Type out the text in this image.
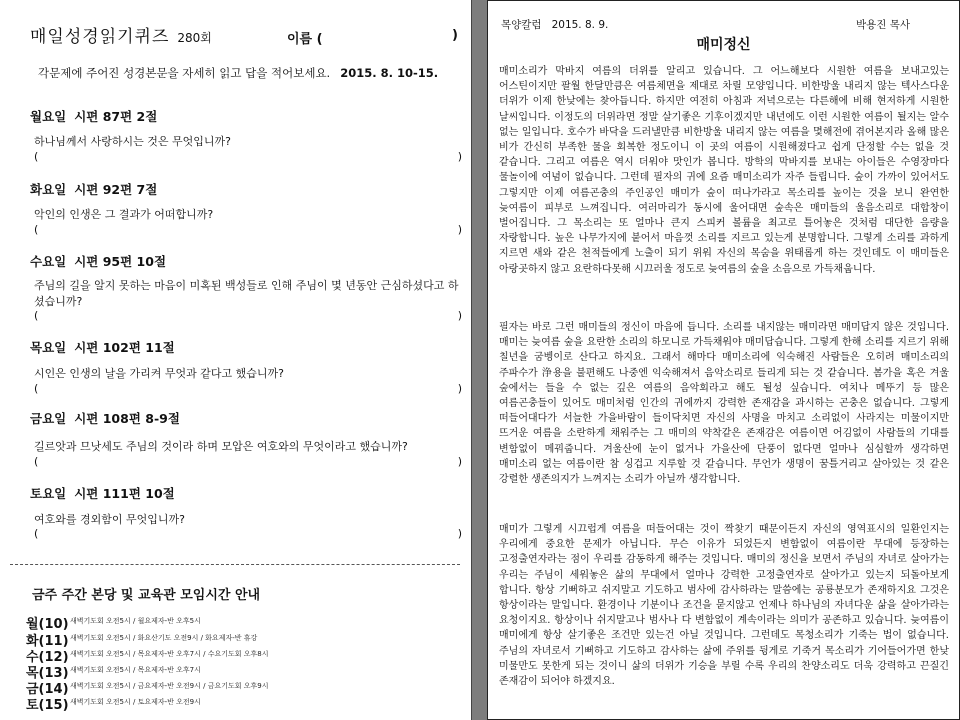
매일성경읽기퀴즈 280회	이름 (	)
각문제에 주어진 성경본문을 자세히 읽고 답을 적어보세요. 2015. 8. 10-15.
월요일 시편 87편 2절
하나님께서 사랑하시는 것은 무엇입니까?
(	)
화요일 시편 92편 7절
악인의 인생은 그 결과가 어떠합니까?
(	)
수요일 시편 95편 10절
주님의 길을 알지 못하는 마음이 미혹된 백성들로 인해 주님이 몇 년동안 근심하셨다고 하셨습니까?
(	)
목요일 시편 102편 11절
시인은 인생의 날을 가리켜 무엇과 같다고 했습니까?
(	)
금요일 시편 108편 8-9절
길르앗과 므낫세도 주님의 것이라 하며 모압은 여호와의 무엇이라고 했습니까?
(	)
토요일 시편 111편 10절
여호와를 경외함이 무엇입니까?
(	)
금주 주간 본당 및 교육관 모임시간 안내
월(10) 새벽기도회 오전5시 / 월요제자-반 오후5시
화(11) 새벽기도회 오전5시 / 화요산기도 오전9시 / 화요제자-반 휴강
수(12) 새벽기도회 오전5시 / 목요제자-반 오후7시 / 수요기도회 오후8시
목(13) 새벽기도회 오전5시 / 목요제자-반 오후7시
금(14) 새벽기도회 오전5시 / 금요제자-반 오전9시 / 금요기도회 오후9시
토(15) 새벽기도회 오전5시 / 토요제자-반 오전9시
목양칼럼 2015. 8. 9.	박용진 목사
매미정신
매미소리가 막바지 여름의 더위를 알리고 있습니다. 그 어느해보다 시원한 여름을 보내고있는 어스틴이지만 팔월 한달만큼은 여름체면을 제대로 차릴 모양입니다. 비한방울 내리지 않는 텍사스다운 더위가 이제 한낮에는 찾아듭니다. 하지만 여전히 아침과 저녁으로는 다른해에 비해 현저하게 시원한 날씨입니다. 이정도의 더위라면 정말 살기좋은 기후이겠지만 내년에도 이런 시원한 여름이 될지는 알수 없는 일입니다. 호수가 바닥을 드러낼만큼 비한방울 내리지 않는 여름을 몇해전에 겪어본지라 올해 많은 비가 간신히 부족한 물을 회복한 정도이니 이 곳의 여름이 시원해졌다고 쉽게 단정할 수는 없을 것 같습니다. 그리고 여름은 역시 더워야 맛인가 봅니다. 방학의 막바지를 보내는 아이들은 수영장마다 물놀이에 여념이 없습니다. 그런데 필자의 귀에 요즘 매미소리가 자주 들립니다. 숲이 가까이 있어서도 그렇지만 이제 여름곤충의 주인공인 매미가 숲이 떠나가라고 목소리를 높이는 것을 보니 완연한 늦여름이 피부로 느껴집니다. 여러마리가 동시에 울어대면 숲속은 매미들의 울음소리로 대합창이 벌어집니다. 그 목소리는 또 얼마나 큰지 스피커 볼륨을 최고로 틀어놓은 것처럼 대단한 음량을 자랑합니다. 높은 나무가지에 붙어서 마음껏 소리를 지르고 있는게 분명합니다. 그렇게 소리를 과하게 지르면 새와 같은 천적들에게 노출이 되기 위워 자신의 목숨을 위태롭게 하는 것인데도 이 매미들은 아랑곳하지 않고 요란하다못해 시끄러울 정도로 늦여름의 숲을 소음으로 가득채웁니다.
필자는 바로 그런 매미들의 정신이 마음에 듭니다. 소리를 내지않는 매미라면 매미답지 않은 것입니다. 매미는 늦여름 숲을 요란한 소리의 하모니로 가득채워야 매미답습니다. 그렇게 한해 소리를 지르기 위해 칠년을 굼벵이로 산다고 하지요. 그래서 해마다 매미소리에 익숙해진 사람들은 오히려 매미소리의 주파수가 浄용을 불편해도 나중엔 익숙해져서 음악소리로 들리게 되는 것 같습니다. 봄가을 혹은 겨울 숲에서는 들을 수 없는 깊은 여름의 음악회라고 해도 될성 싶습니다. 여치나 메뚜기 등 많은 여름곤충들이 있어도 매미처럼 인간의 귀에까지 강력한 존재감을 과시하는 곤충은 없습니다. 그렇게 떠들어대다가 서늘한 가을바람이 들이닥치면 자신의 사명을 마치고 소리없이 사라지는 미물이지만 뜨거운 여름을 소란하게 채워주는 그 매미의 약착같은 존재감은 여름이면 어김없이 사람들의 기대를 변함없이 메꿔줍니다. 겨울산에 눈이 없거나 가을산에 단풍이 없다면 얼마나 심심할까 생각하면 매미소리 없는 여름이란 참 싱겁고 지루할 것 같습니다. 무언가 생명이 꿈틀거리고 살아있는 것 같은 강렬한 생존의지가 느껴지는 소리가 아닐까 생각합니다.
매미가 그렇게 시끄럽게 여름을 떠들어대는 것이 짝찾기 때문이든지 자신의 영역표시의 일환인지는 우리에게 중요한 문제가 아닙니다. 무슨 이유가 되었든지 변함없이 여름이란 무대에 등장하는 고정출연자라는 점이 우리를 감동하게 해주는 것입니다. 매미의 정신을 보면서 주님의 자녀로 살아가는 우리는 주님이 세워놓은 삶의 무대에서 얼마나 강력한 고정출연자로 살아가고 있는지 되돌아보게 합니다. 항상 기뻐하고 쉬지말고 기도하고 범사에 감사하라는 말씀에는 공룡분모가 존재하지요 그것은 항상이라는 말입니다. 환경이나 기분이나 조건을 묻지않고 언제나 하나님의 자녀다운 삶을 살아가라는 요청이지요. 항상이나 쉬지말고나 범사나 다 변함없이 계속이라는 의미가 공존하고 있습니다. 늦여름이 매미에게 항상 살기좋은 조건만 있는건 아닐 것입니다. 그런데도 목청소리가 기죽는 법이 없습니다. 주님의 자녀로서 기뻐하고 기도하고 감사하는 삶에 주위를 뒹게로 기죽거 목소리가 기어들어가면 한낮 미물만도 못한게 되는 것이니 삶의 더위가 기승을 부릴 수록 우리의 찬양소리도 더욱 강력하고 끈질긴 존재감이 되어야 하겠지요.
